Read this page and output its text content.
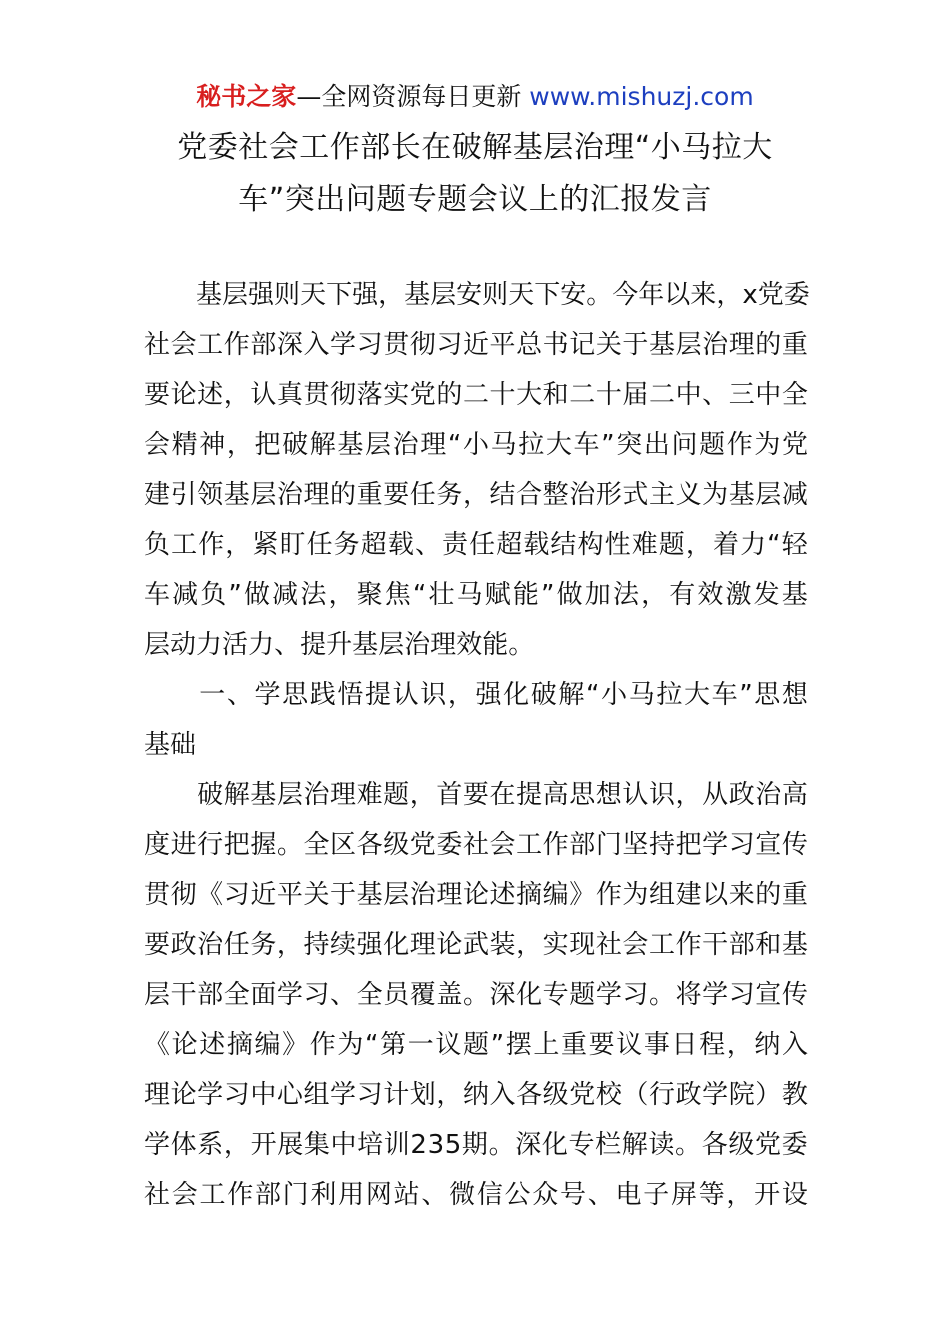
秘书之家—全网资源每日更新 www.mishuzj.com
党委社会工作部长在破解基层治理“小马拉大
车”突出问题专题会议上的汇报发言

基 层 强 则 天 下 强 ， 基 层 安 则 天 下 安 。 今 年 以 来 ， x 党 委
社 会 工 作 部 深 入 学 习 贯 彻 习 近 平 总 书 记 关 于 基 层 治 理 的 重
要 论 述 ， 认 真 贯 彻 落 实 党 的 二 十 大 和 二 十 届 二 中 、 三 中 全
会 精 神 ， 把 破 解 基 层 治 理 “ 小 马 拉 大 车 ” 突 出 问 题 作 为 党
建 引 领 基 层 治 理 的 重 要 任 务 ， 结 合 整 治 形 式 主 义 为 基 层 减
负 工 作 ， 紧 盯 任 务 超 载 、 责 任 超 载 结 构 性 难 题 ， 着 力 “ 轻
车 减 负 ” 做 减 法 ， 聚 焦 “ 壮 马 赋 能 ” 做 加 法 ， 有 效 激 发 基
层 动 力 活 力 、 提 升 基 层 治 理 效 能 。

一 、 学 思 践 悟 提 认 识 ， 强 化 破 解 “ 小 马 拉 大 车 ” 思 想
基 础

破 解 基 层 治 理 难 题 ， 首 要 在 提 高 思 想 认 识 ， 从 政 治 高
度 进 行 把 握 。 全 区 各 级 党 委 社 会 工 作 部 门 坚 持 把 学 习 宣 传
贯 彻 《 习 近 平 关 于 基 层 治 理 论 述 摘 编 》 作 为 组 建 以 来 的 重
要 政 治 任 务 ， 持 续 强 化 理 论 武 装 ， 实 现 社 会 工 作 干 部 和 基
层 干 部 全 面 学 习 、 全 员 覆 盖 。 深 化 专 题 学 习 。 将 学 习 宣 传
《 论 述 摘 编 》 作 为 “ 第 一 议 题 ” 摆 上 重 要 议 事 日 程 ， 纳 入
理 论 学 习 中 心 组 学 习 计 划 ， 纳 入 各 级 党 校 （ 行 政 学 院 ） 教
学 体 系 ， 开 展 集 中 培 训 2 3 5 期 。 深 化 专 栏 解 读 。 各 级 党 委
社 会 工 作 部 门 利 用 网 站 、 微 信 公 众 号 、 电 子 屏 等 ， 开 设
